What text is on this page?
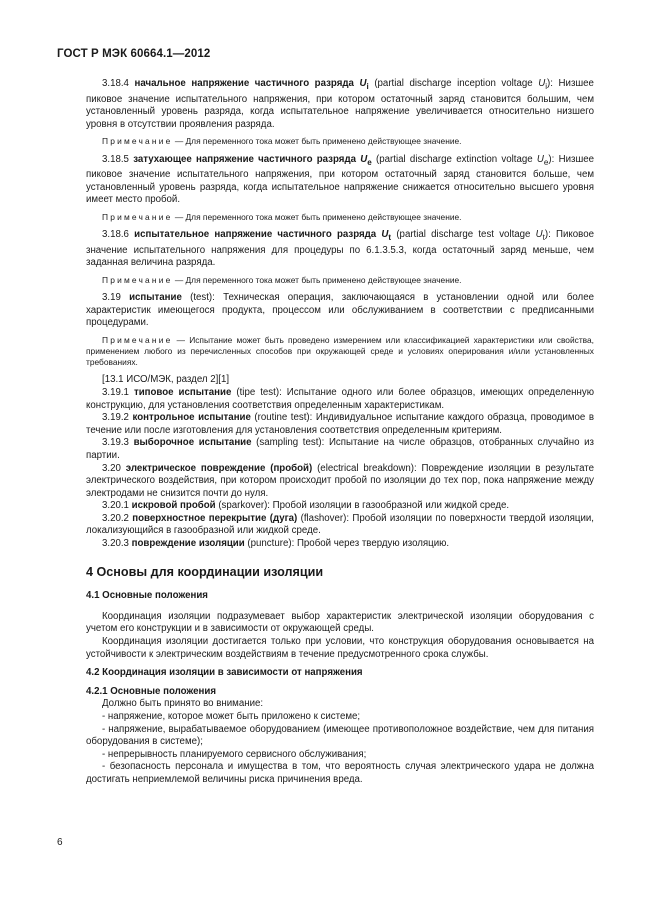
ГОСТ Р МЭК 60664.1—2012

3.18.4 начальное напряжение частичного разряда $U_i$ (partial discharge inception voltage $U_i$): Низшее пиковое значение испытательного напряжения, при котором остаточный заряд становится большим, чем установленный уровень разряда, когда испытательное напряжение увеличивается относительно низшего уровня в отсутствии проявления разряда.

Примечание — Для переменного тока может быть применено действующее значение.

3.18.5 затухающее напряжение частичного разряда $U_e$ (partial discharge extinction voltage $U_e$): Низшее пиковое значение испытательного напряжения, при котором остаточный заряд становится больше, чем установленный уровень разряда, когда испытательное напряжение снижается относительно высшего уровня имеет место пробой.

Примечание — Для переменного тока может быть применено действующее значение.

3.18.6 испытательное напряжение частичного разряда $U_t$ (partial discharge test voltage $U_t$): Пиковое значение испытательного напряжения для процедуры по 6.1.3.5.3, когда остаточный заряд меньше, чем заданная величина разряда.

Примечание — Для переменного тока может быть применено действующее значение.

3.19 испытание (test): Техническая операция, заключающаяся в установлении одной или более характеристик имеющегося продукта, процессом или обслуживанием в соответствии с предписанными процедурами.

Примечание — Испытание может быть проведено измерением или классификацией характеристики или свойства, применением любого из перечисленных способов при окружающей среде и условиях оперирования и/или установленных требованиях.

[13.1 ИСО/МЭК, раздел 2][1]

3.19.1 типовое испытание (tipe test): Испытание одного или более образцов, имеющих определенную конструкцию, для установления соответствия определенным характеристикам.

3.19.2 контрольное испытание (routine test): Индивидуальное испытание каждого образца, проводимое в течение или после изготовления для установления соответствия определенным критериям.

3.19.3 выборочное испытание (sampling test): Испытание на числе образцов, отобранных случайно из партии.

3.20 электрическое повреждение (пробой) (electrical breakdown): Повреждение изоляции в результате электрического воздействия, при котором происходит пробой по изоляции до тех пор, пока напряжение между электродами не снизится почти до нуля.

3.20.1 искровой пробой (sparkover): Пробой изоляции в газообразной или жидкой среде.

3.20.2 поверхностное перекрытие (дуга) (flashover): Пробой изоляции по поверхности твердой изоляции, локализующийся в газообразной или жидкой среде.

3.20.3 повреждение изоляции (puncture): Пробой через твердую изоляцию.

4 Основы для координации изоляции
4.1 Основные положения

Координация изоляции подразумевает выбор характеристик электрической изоляции оборудования с учетом его конструкции и в зависимости от окружающей среды.

Координация изоляции достигается только при условии, что конструкция оборудования основывается на устойчивости к электрическим воздействиям в течение предусмотренного срока службы.

4.2 Координация изоляции в зависимости от напряжения
4.2.1 Основные положения

Должно быть принято во внимание:

- напряжение, которое может быть приложено к системе;

- напряжение, вырабатываемое оборудованием (имеющее противоположное воздействие, чем для питания оборудования в системе);

- непрерывность планируемого сервисного обслуживания;

- безопасность персонала и имущества в том, что вероятность случая электрического удара не должна достигать неприемлемой величины риска причинения вреда.

6
